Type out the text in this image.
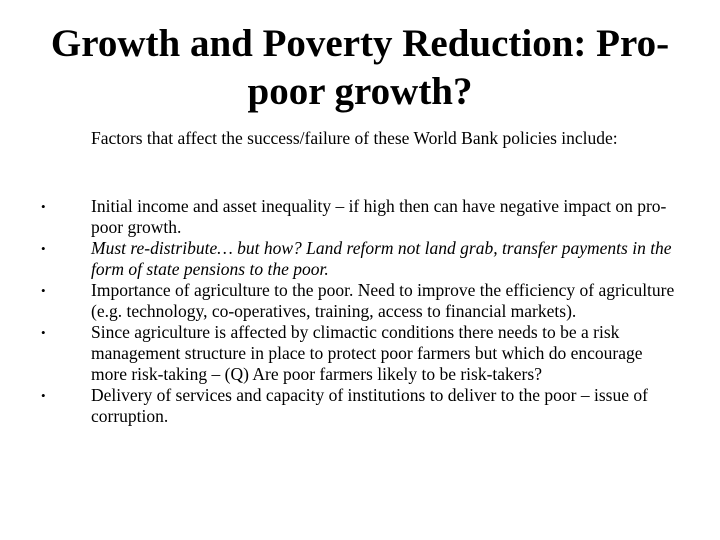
Growth and Poverty Reduction: Pro-poor growth?

Factors that affect the success/failure of these World Bank policies include:

•	Initial income and asset inequality – if high then can have negative impact on pro-poor growth.
•	Must re-distribute… but how? Land reform not land grab, transfer payments in the form of state pensions to the poor.
•	Importance of agriculture to the poor. Need to improve the efficiency of agriculture (e.g. technology, co-operatives, training, access to financial markets).
•	Since agriculture is affected by climactic conditions there needs to be a risk management structure in place to protect poor farmers but which do encourage more risk-taking – (Q) Are poor farmers likely to be risk-takers?
•	Delivery of services and capacity of institutions to deliver to the poor – issue of corruption.
